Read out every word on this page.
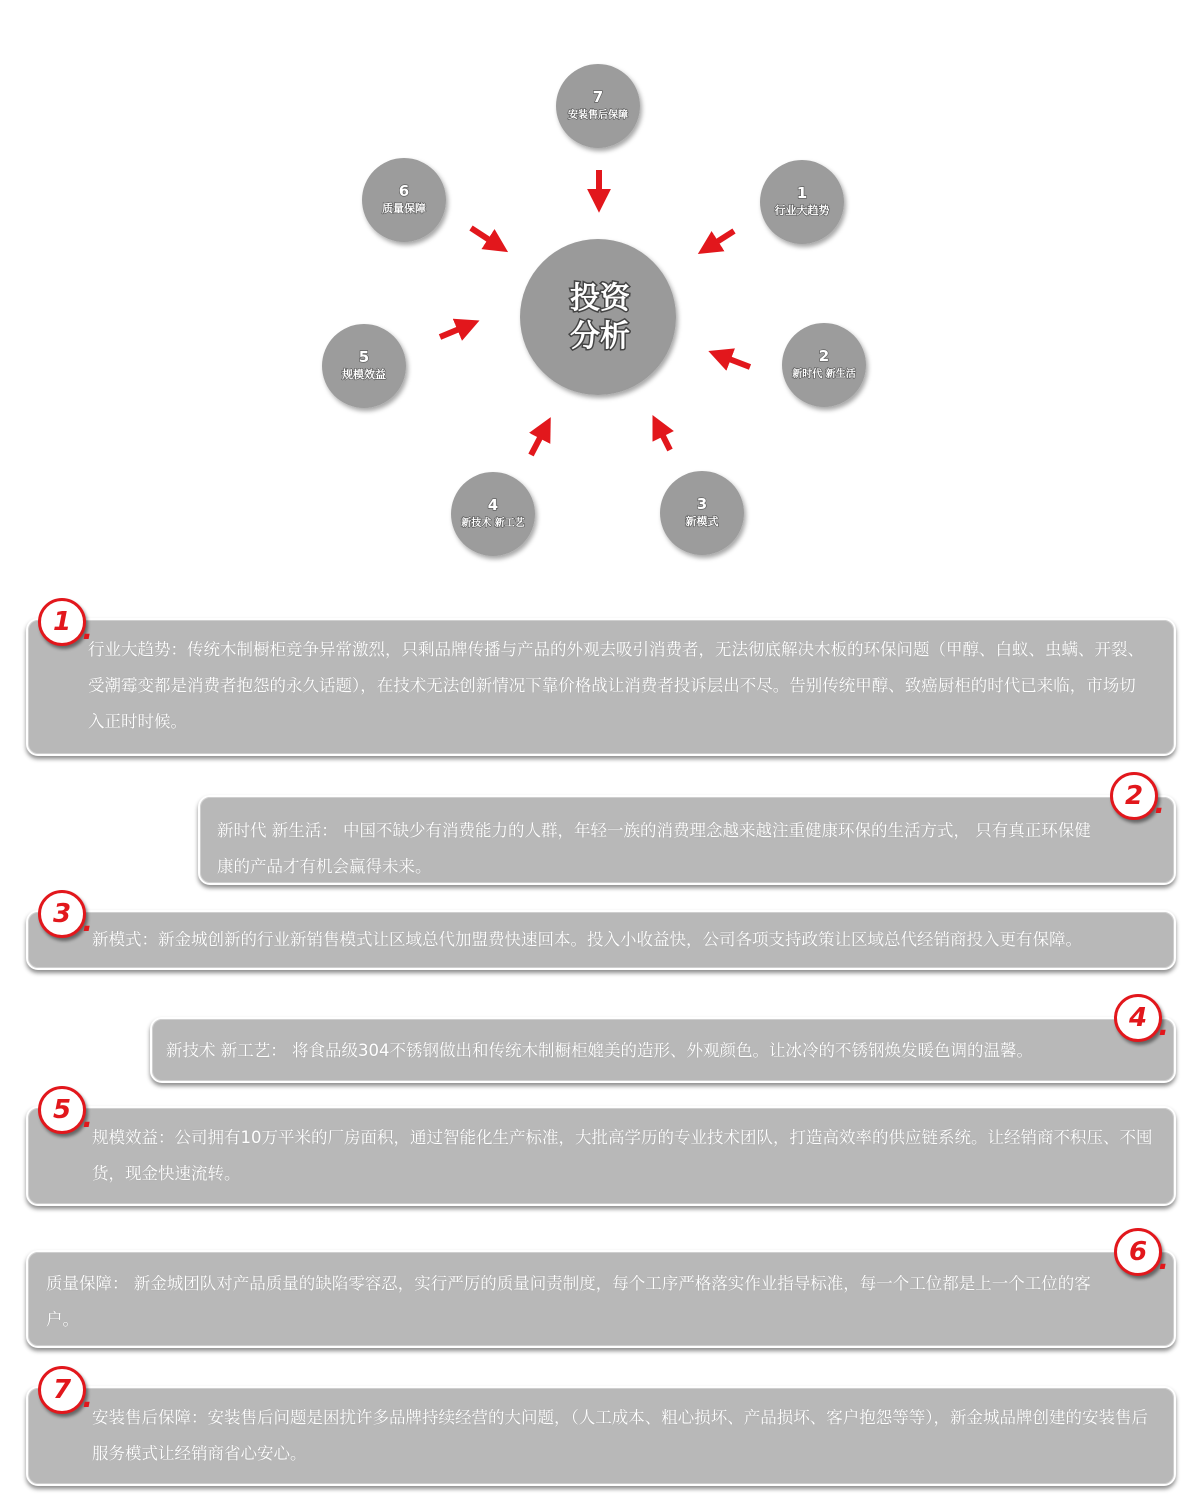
1
行业大趋势
2
新时代 新生活
3
新模式
4
新技术 新工艺
5
规模效益
6
质量保障
7
安装售后保障
投资
分析
行业大趋势：传统木制橱柜竞争异常激烈，只剩品牌传播与产品的外观去吸引消费者，无法彻底解决木板的环保问题（甲醇、白蚁、虫螨、开裂、受潮霉变都是消费者抱怨的永久话题），在技术无法创新情况下靠价格战让消费者投诉层出不尽。告别传统甲醇、致癌厨柜的时代已来临，市场切入正时时候。
1 .
新时代 新生活： 中国不缺少有消费能力的人群，年轻一族的消费理念越来越注重健康环保的生活方式， 只有真正环保健康的产品才有机会赢得未来。
2 .
新模式：新金城创新的行业新销售模式让区域总代加盟费快速回本。投入小收益快，公司各项支持政策让区域总代经销商投入更有保障。
3 .
新技术 新工艺： 将食品级304不锈钢做出和传统木制橱柜媲美的造形、外观颜色。让冰冷的不锈钢焕发暖色调的温馨。
4 .
规模效益：公司拥有10万平米的厂房面积，通过智能化生产标准，大批高学历的专业技术团队，打造高效率的供应链系统。让经销商不积压、不囤货，现金快速流转。
5 .
质量保障： 新金城团队对产品质量的缺陷零容忍，实行严厉的质量问责制度，每个工序严格落实作业指导标准，每一个工位都是上一个工位的客户。
6 .
安装售后保障：安装售后问题是困扰许多品牌持续经营的大问题，（人工成本、粗心损坏、产品损坏、客户抱怨等等），新金城品牌创建的安装售后服务模式让经销商省心安心。
7 .
